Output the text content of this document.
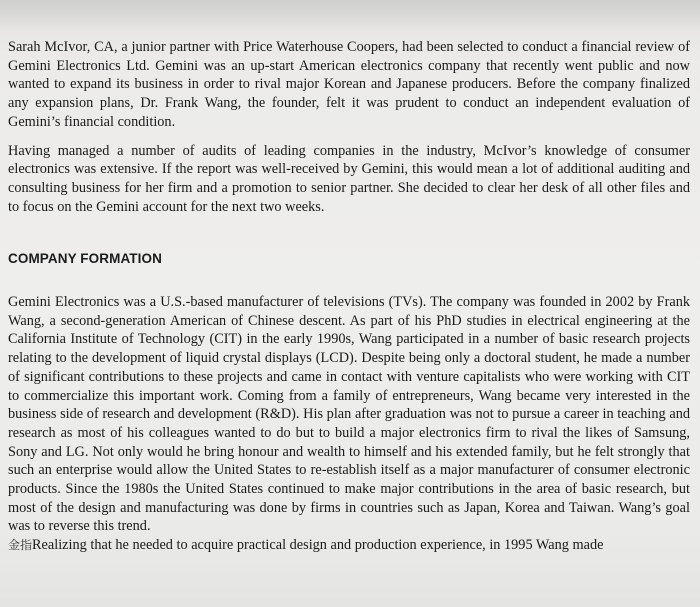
Sarah McIvor, CA, a junior partner with Price Waterhouse Coopers, had been selected to conduct a financial review of Gemini Electronics Ltd. Gemini was an up-start American electronics company that recently went public and now wanted to expand its business in order to rival major Korean and Japanese producers. Before the company finalized any expansion plans, Dr. Frank Wang, the founder, felt it was prudent to conduct an independent evaluation of Gemini’s financial condition.

Having managed a number of audits of leading companies in the industry, McIvor’s knowledge of consumer electronics was extensive. If the report was well-received by Gemini, this would mean a lot of additional auditing and consulting business for her firm and a promotion to senior partner. She decided to clear her desk of all other files and to focus on the Gemini account for the next two weeks.

COMPANY FORMATION

Gemini Electronics was a U.S.-based manufacturer of televisions (TVs). The company was founded in 2002 by Frank Wang, a second-generation American of Chinese descent. As part of his PhD studies in electrical engineering at the California Institute of Technology (CIT) in the early 1990s, Wang participated in a number of basic research projects relating to the development of liquid crystal displays (LCD). Despite being only a doctoral student, he made a number of significant contributions to these projects and came in contact with venture capitalists who were working with CIT to commercialize this important work. Coming from a family of entrepreneurs, Wang became very interested in the business side of research and development (R&D). His plan after graduation was not to pursue a career in teaching and research as most of his colleagues wanted to do but to build a major electronics firm to rival the likes of Samsung, Sony and LG. Not only would he bring honour and wealth to himself and his extended family, but he felt strongly that such an enterprise would allow the United States to re-establish itself as a major manufacturer of consumer electronic products. Since the 1980s the United States continued to make major contributions in the area of basic research, but most of the design and manufacturing was done by firms in countries such as Japan, Korea and Taiwan. Wang’s goal was to reverse this trend.

金指Realizing that he needed to acquire practical design and production experience, in 1995 Wang made
